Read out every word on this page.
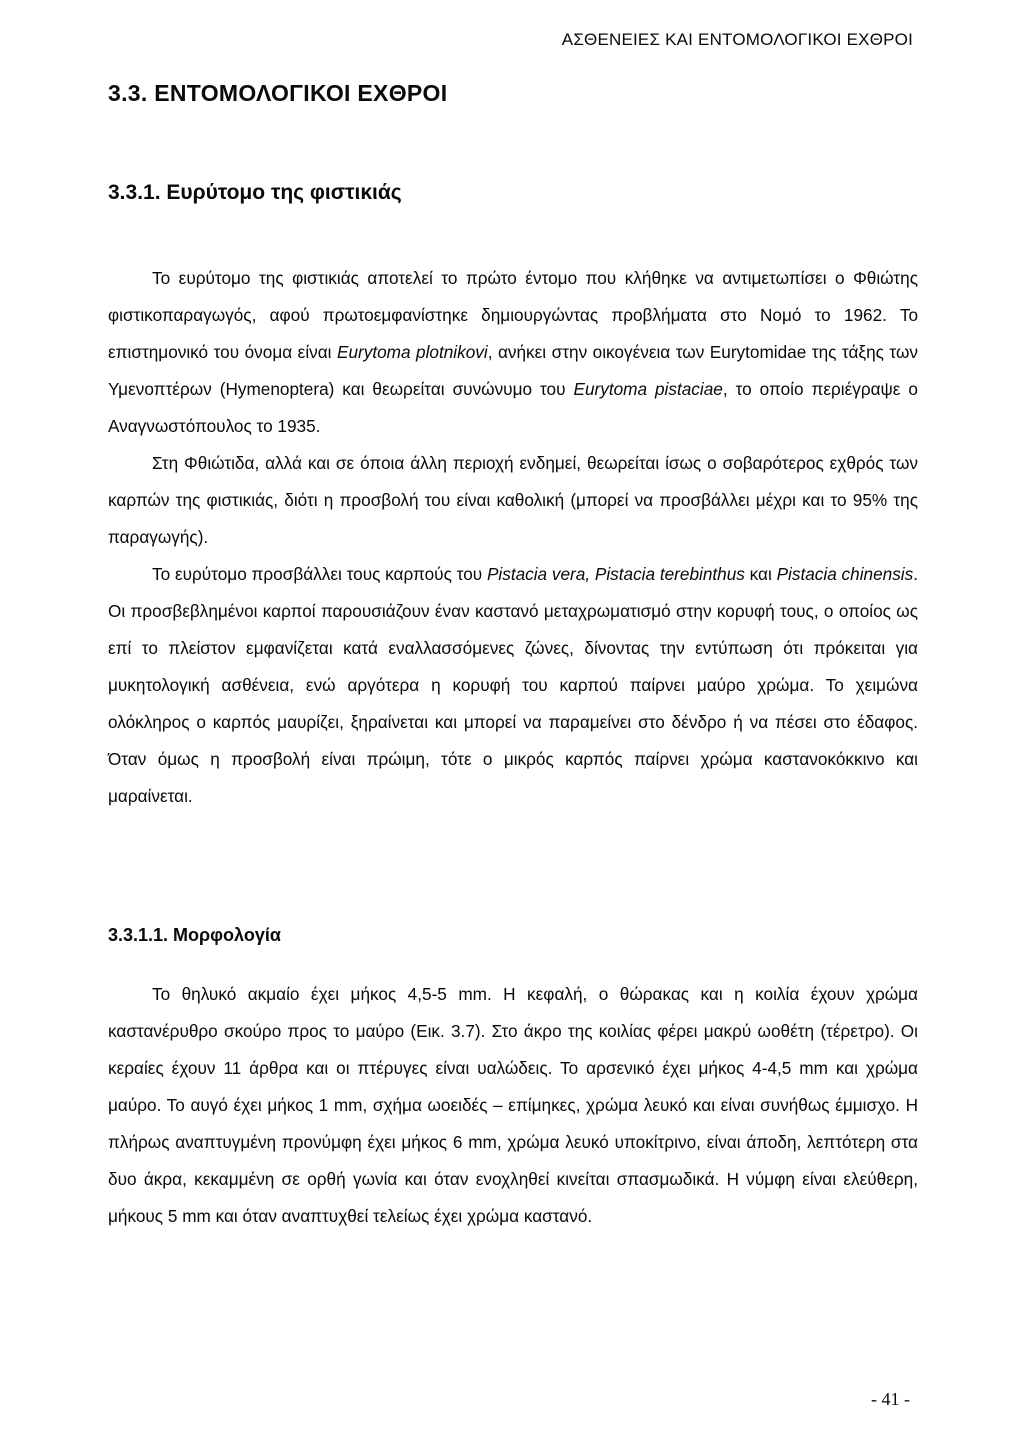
ΑΣΘΕΝΕΙΕΣ ΚΑΙ ΕΝΤΟΜΟΛΟΓΙΚΟΙ ΕΧΘΡΟΙ
3.3. ΕΝΤΟΜΟΛΟΓΙΚΟΙ ΕΧΘΡΟΙ
3.3.1. Ευρύτομο της φιστικιάς

Το ευρύτομο της φιστικιάς αποτελεί το πρώτο έντομο που κλήθηκε να αντιμετωπίσει ο Φθιώτης φιστικοπαραγωγός, αφού πρωτοεμφανίστηκε δημιουργώντας προβλήματα στο Νομό το 1962. Το επιστημονικό του όνομα είναι Eurytoma plotnikovi, ανήκει στην οικογένεια των Eurytomidae της τάξης των Υμενοπτέρων (Hymenoptera) και θεωρείται συνώνυμο του Eurytoma pistaciae, το οποίο περιέγραψε ο Αναγνωστόπουλος το 1935.
Στη Φθιώτιδα, αλλά και σε όποια άλλη περιοχή ενδημεί, θεωρείται ίσως ο σοβαρότερος εχθρός των καρπών της φιστικιάς, διότι η προσβολή του είναι καθολική (μπορεί να προσβάλλει μέχρι και το 95% της παραγωγής).
Το ευρύτομο προσβάλλει τους καρπούς του Pistacia vera, Pistacia terebinthus και Pistacia chinensis. Οι προσβεβλημένοι καρποί παρουσιάζουν έναν καστανό μεταχρωματισμό στην κορυφή τους, ο οποίος ως επί το πλείστον εμφανίζεται κατά εναλλασσόμενες ζώνες, δίνοντας την εντύπωση ότι πρόκειται για μυκητολογική ασθένεια, ενώ αργότερα η κορυφή του καρπού παίρνει μαύρο χρώμα. Το χειμώνα ολόκληρος ο καρπός μαυρίζει, ξηραίνεται και μπορεί να παραμείνει στο δένδρο ή να πέσει στο έδαφος. Όταν όμως η προσβολή είναι πρώιμη, τότε ο μικρός καρπός παίρνει χρώμα καστανοκόκκινο και μαραίνεται.

3.3.1.1. Μορφολογία

Το θηλυκό ακμαίο έχει μήκος 4,5-5 mm. Η κεφαλή, ο θώρακας και η κοιλία έχουν χρώμα καστανέρυθρο σκούρο προς το μαύρο (Εικ. 3.7). Στο άκρο της κοιλίας φέρει μακρύ ωοθέτη (τέρετρο). Οι κεραίες έχουν 11 άρθρα και οι πτέρυγες είναι υαλώδεις. Το αρσενικό έχει μήκος 4-4,5 mm και χρώμα μαύρο. Το αυγό έχει μήκος 1 mm, σχήμα ωοειδές – επίμηκες, χρώμα λευκό και είναι συνήθως έμμισχο. Η πλήρως αναπτυγμένη προνύμφη έχει μήκος 6 mm, χρώμα λευκό υποκίτρινο, είναι άποδη, λεπτότερη στα δυο άκρα, κεκαμμένη σε ορθή γωνία και όταν ενοχληθεί κινείται σπασμωδικά. Η νύμφη είναι ελεύθερη, μήκους 5 mm και όταν αναπτυχθεί τελείως έχει χρώμα καστανό.

- 41 -
